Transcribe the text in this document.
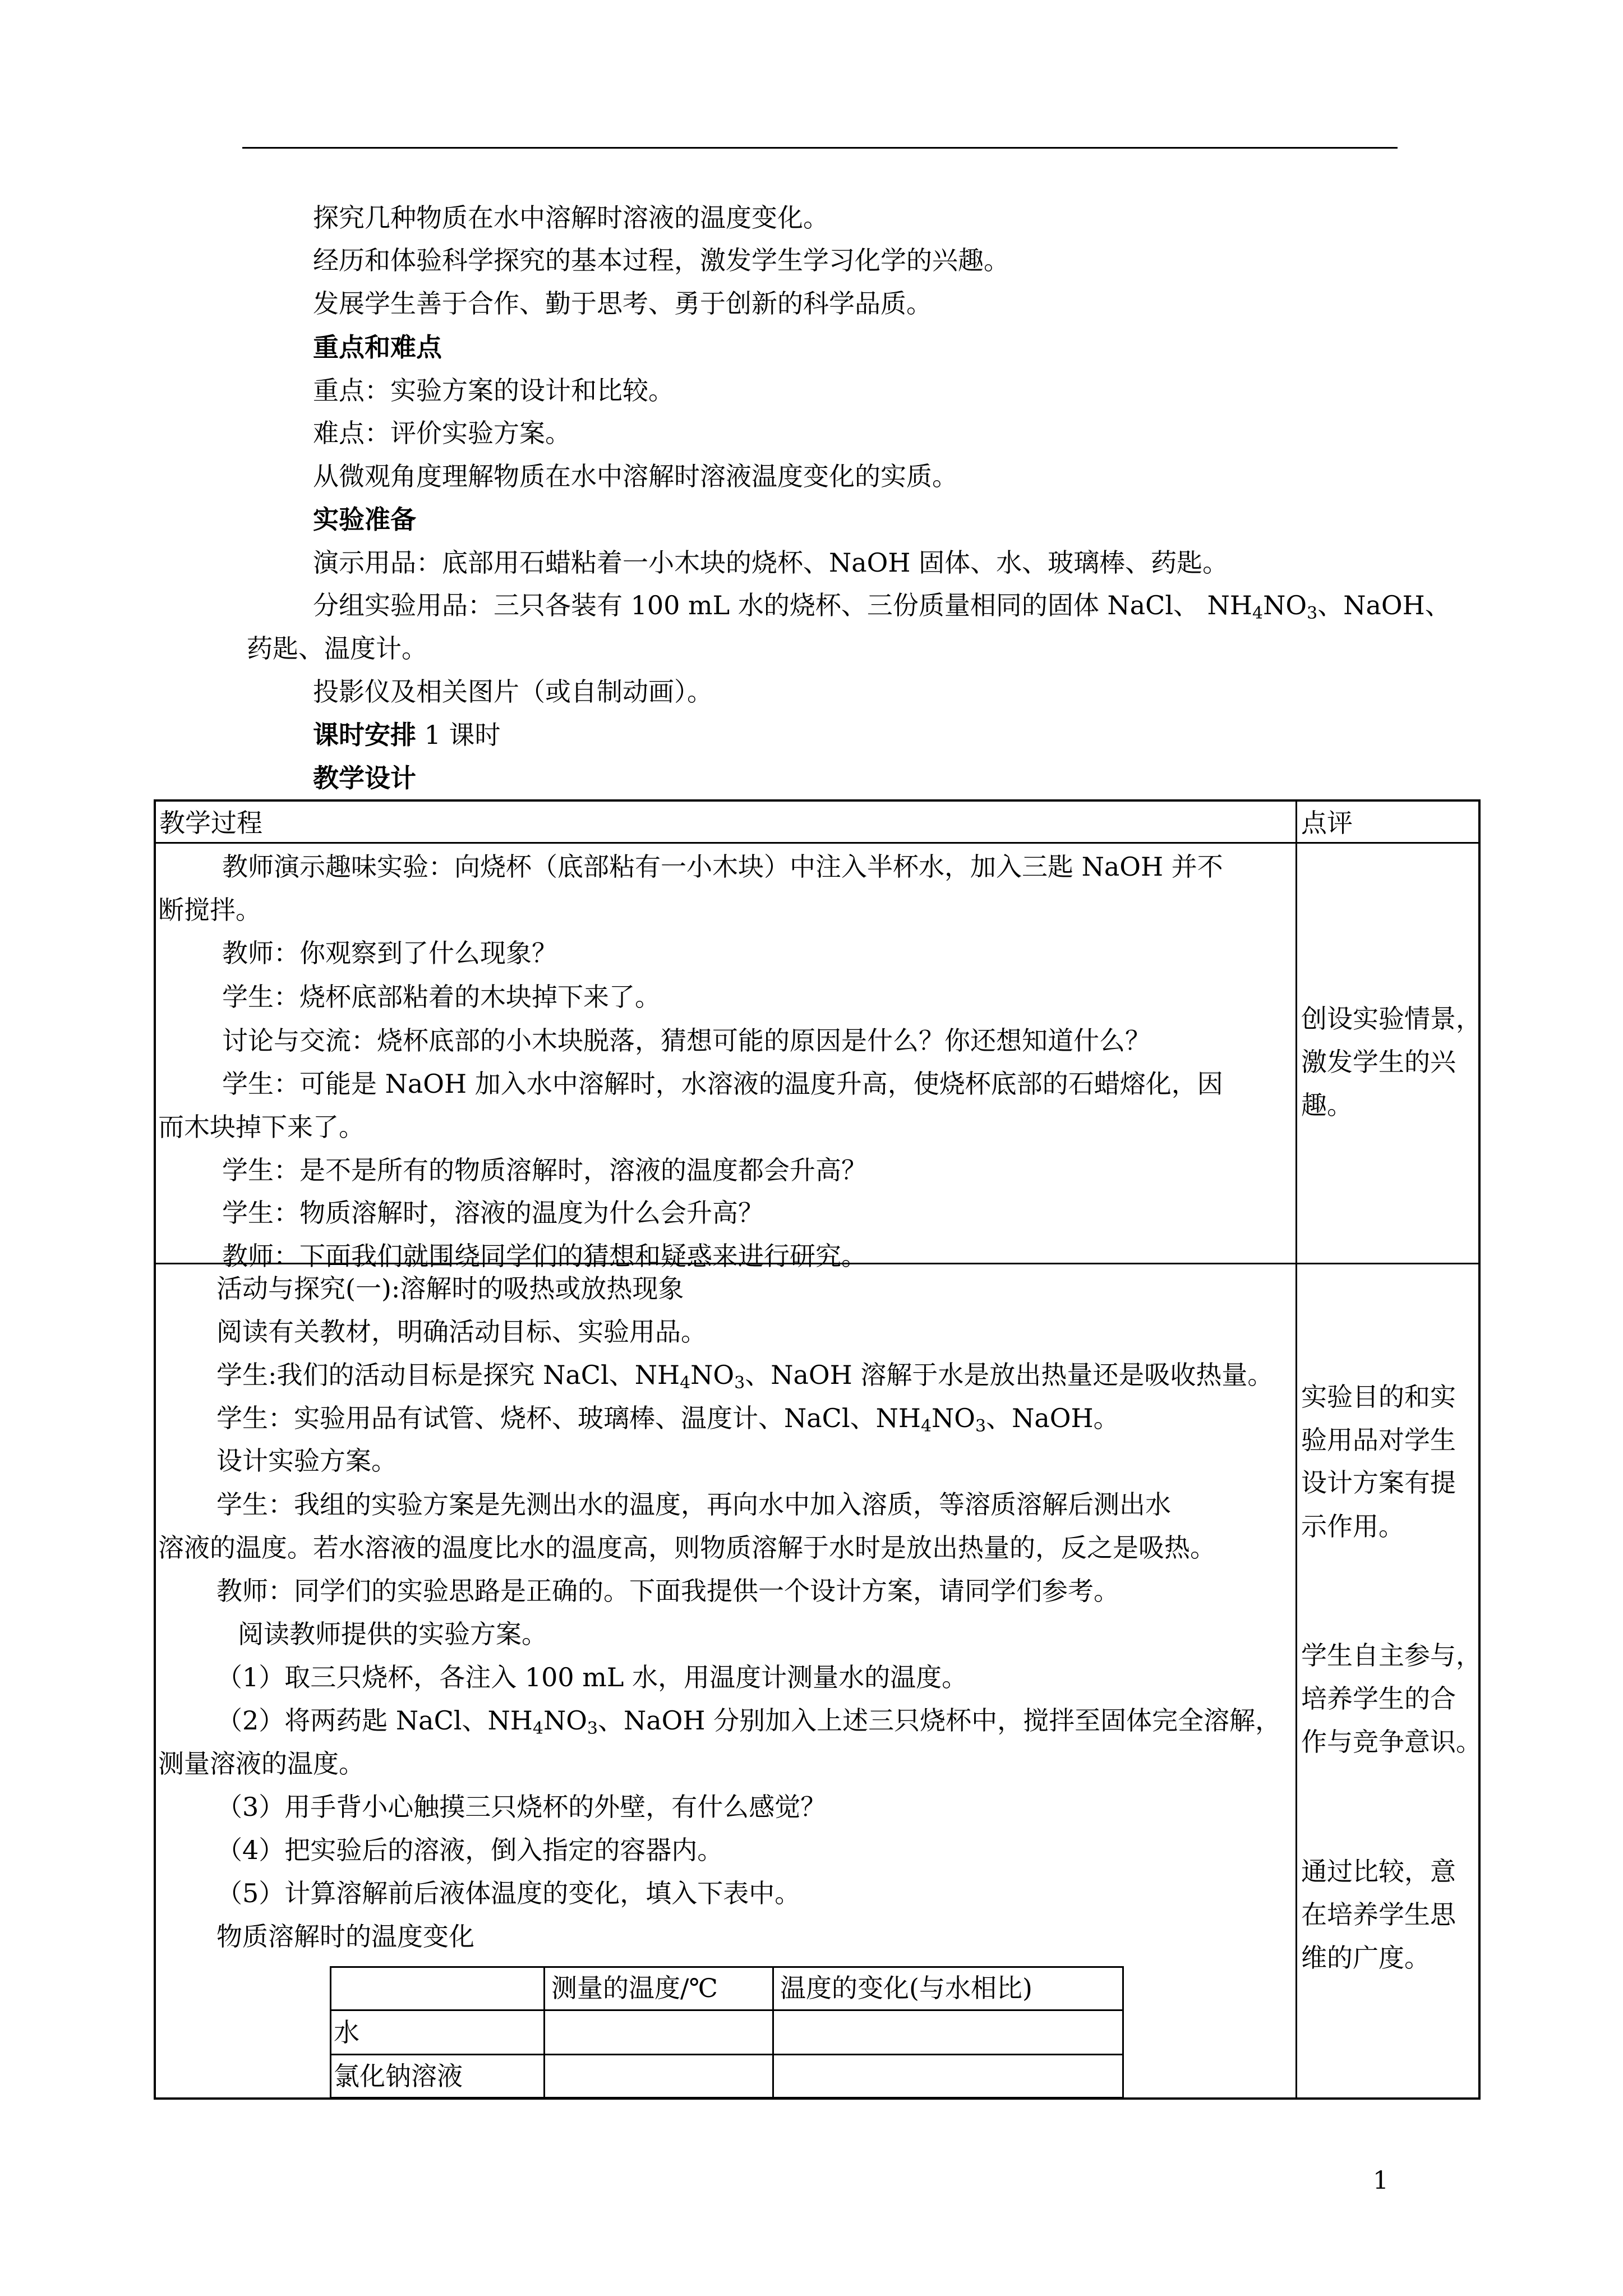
探究几种物质在水中溶解时溶液的温度变化。
经历和体验科学探究的基本过程，激发学生学习化学的兴趣。
发展学生善于合作、勤于思考、勇于创新的科学品质。
重点和难点
重点：实验方案的设计和比较。
难点：评价实验方案。
从微观角度理解物质在水中溶解时溶液温度变化的实质。
实验准备
演示用品：底部用石蜡粘着一小木块的烧杯、NaOH 固体、水、玻璃棒、药匙。
分组实验用品：三只各装有 100 mL 水的烧杯、三份质量相同的固体 NaCl、 $NH_4NO_3$、NaOH、
药匙、温度计。
投影仪及相关图片（或自制动画）。
课时安排 1 课时
教学设计
教学过程	点评
教师演示趣味实验：向烧杯（底部粘有一小木块）中注入半杯水，加入三匙 NaOH 并不
断搅拌。
教师：你观察到了什么现象？
学生：烧杯底部粘着的木块掉下来了。
讨论与交流：烧杯底部的小木块脱落，猜想可能的原因是什么？你还想知道什么？
学生：可能是 NaOH 加入水中溶解时，水溶液的温度升高，使烧杯底部的石蜡熔化，因
而木块掉下来了。
学生：是不是所有的物质溶解时，溶液的温度都会升高？
学生：物质溶解时，溶液的温度为什么会升高？
教师：下面我们就围绕同学们的猜想和疑惑来进行研究。
创设实验情景，
激发学生的兴
趣。
活动与探究(一):溶解时的吸热或放热现象
阅读有关教材，明确活动目标、实验用品。
学生:我们的活动目标是探究 NaCl、$NH_4NO_3$、NaOH 溶解于水是放出热量还是吸收热量。
学生：实验用品有试管、烧杯、玻璃棒、温度计、NaCl、$NH_4NO_3$、NaOH。
设计实验方案。
学生：我组的实验方案是先测出水的温度，再向水中加入溶质，等溶质溶解后测出水
溶液的温度。若水溶液的温度比水的温度高，则物质溶解于水时是放出热量的，反之是吸热。
教师：同学们的实验思路是正确的。下面我提供一个设计方案，请同学们参考。
阅读教师提供的实验方案。
（1）取三只烧杯，各注入 100 mL 水，用温度计测量水的温度。
（2）将两药匙 NaCl、$NH_4NO_3$、NaOH 分别加入上述三只烧杯中，搅拌至固体完全溶解，
测量溶液的温度。
（3）用手背小心触摸三只烧杯的外壁，有什么感觉？
（4）把实验后的溶液，倒入指定的容器内。
（5）计算溶解前后液体温度的变化，填入下表中。
物质溶解时的温度变化
实验目的和实
验用品对学生
设计方案有提
示作用。
学生自主参与，
培养学生的合
作与竞争意识。
通过比较，意
在培养学生思
维的广度。
测量的温度/℃ 温度的变化(与水相比)
水
氯化钠溶液
1
